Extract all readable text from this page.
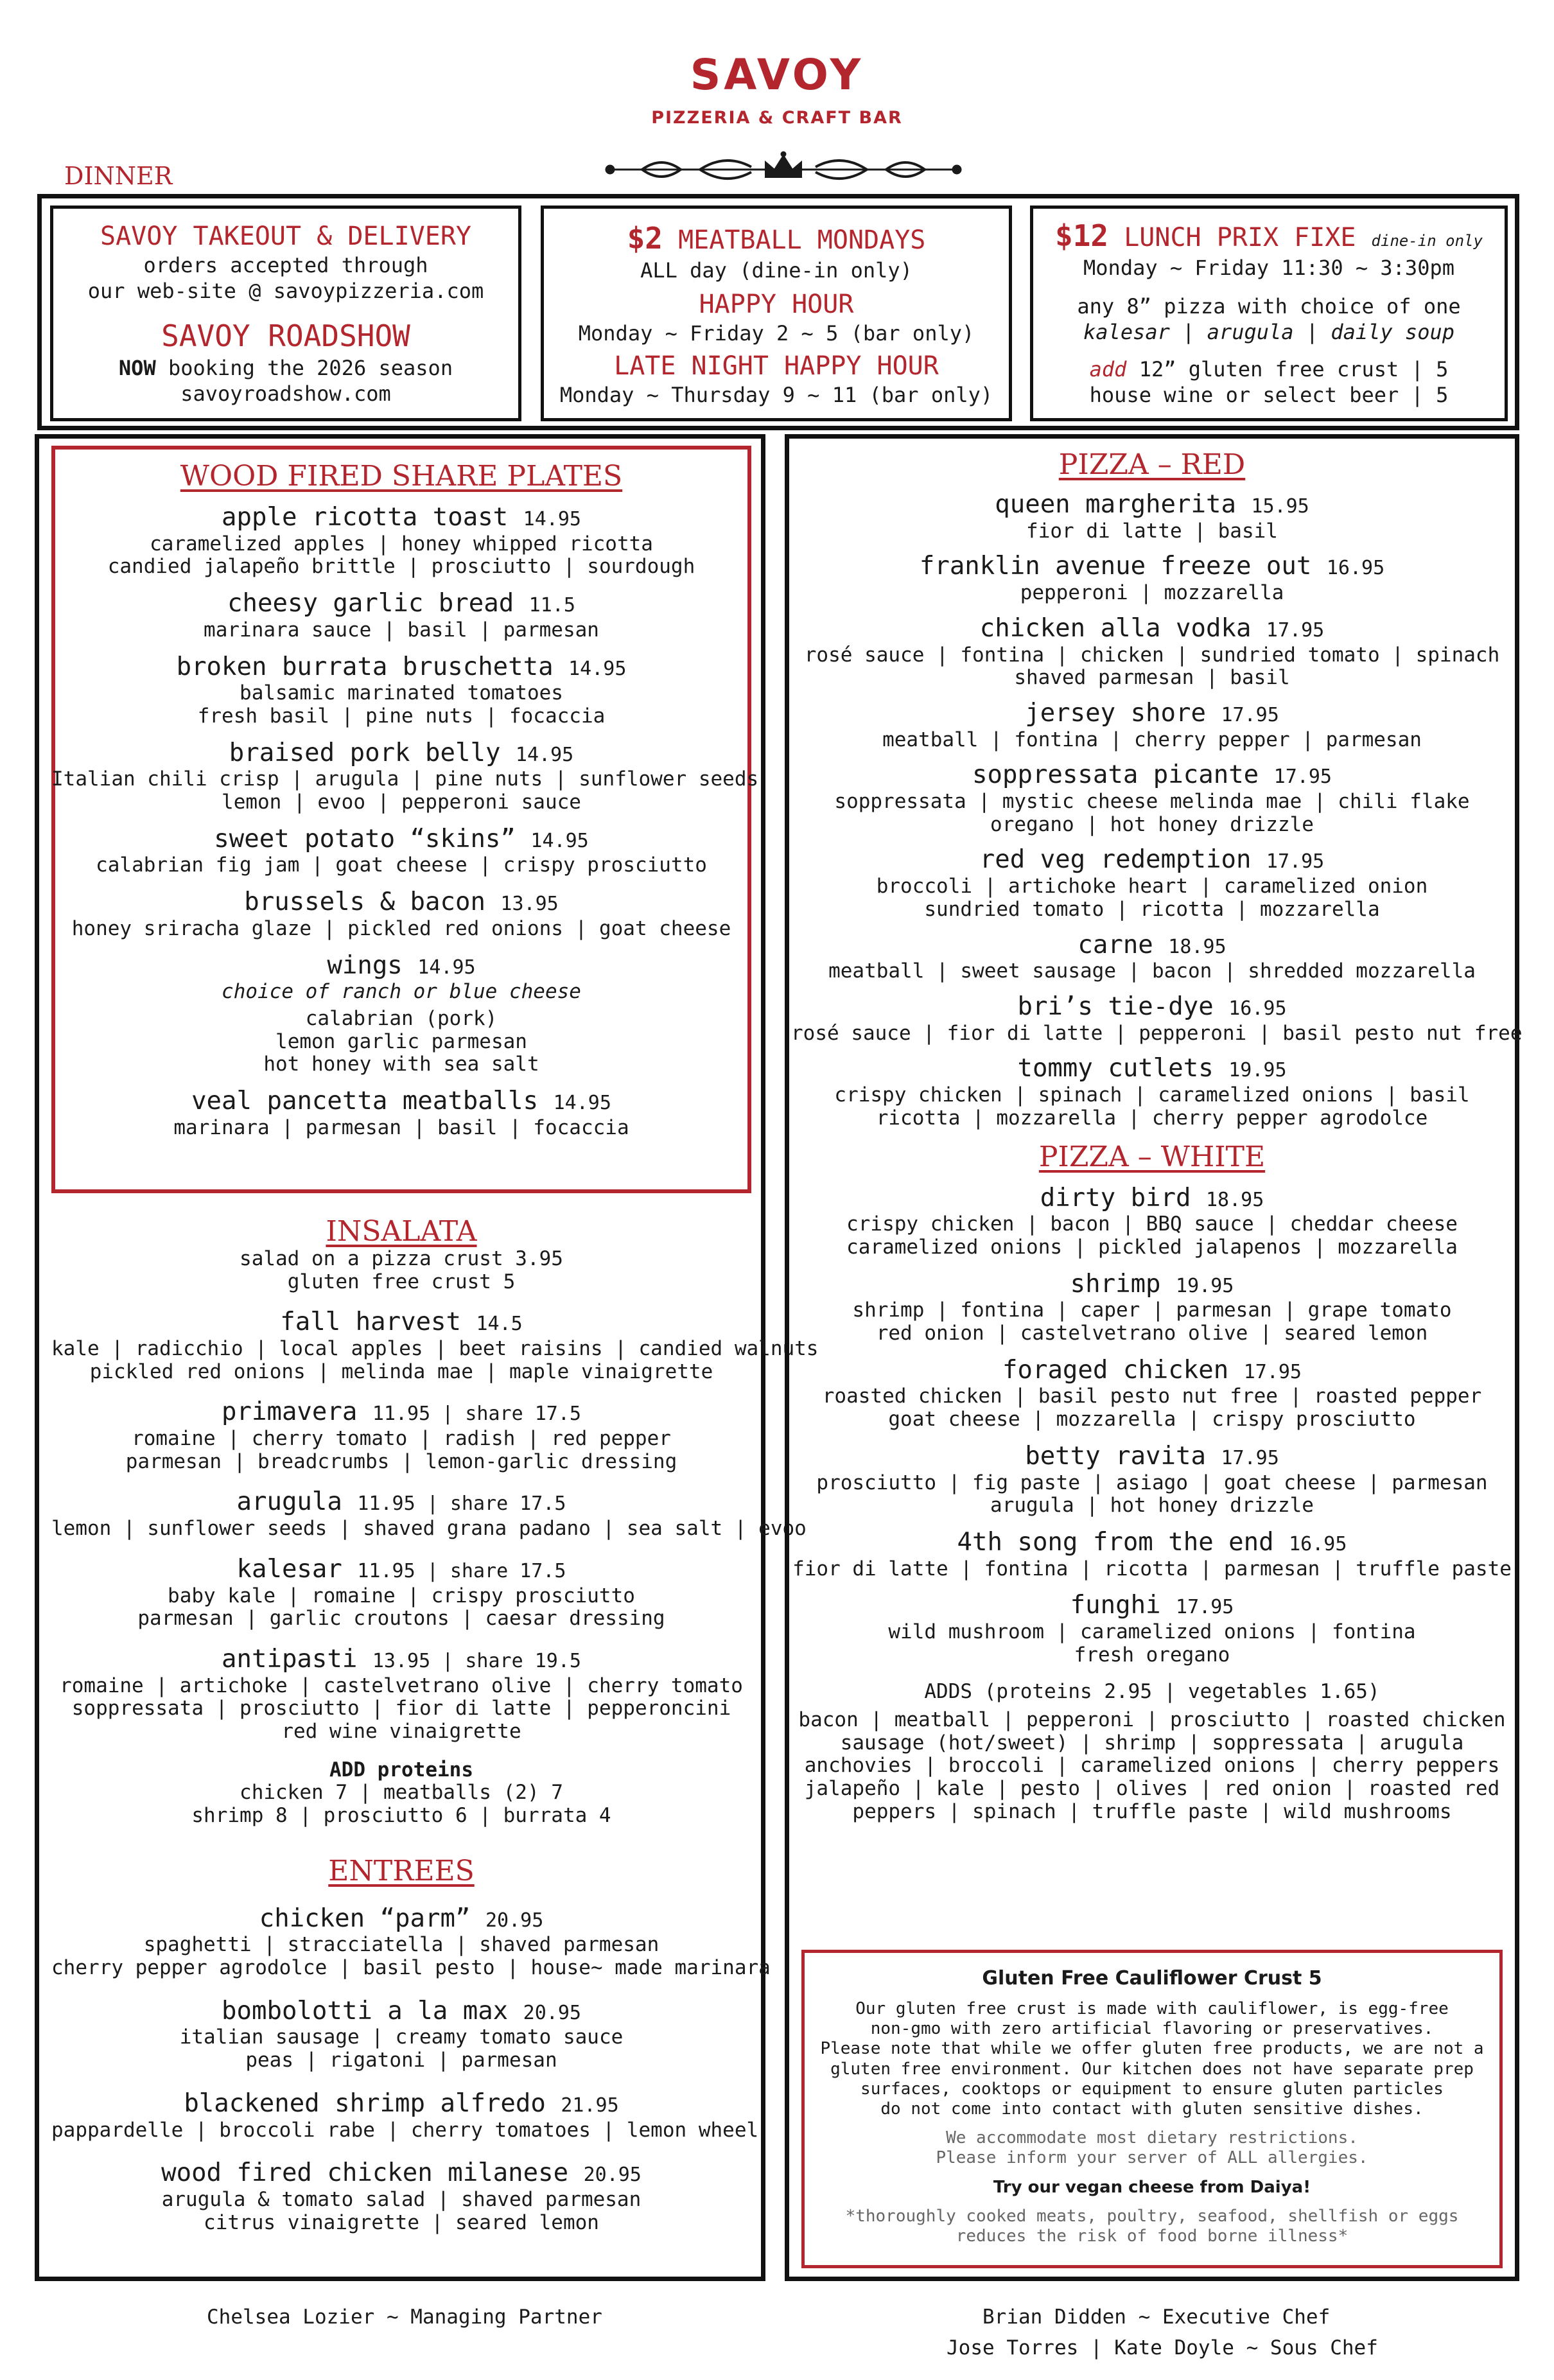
SAVOY
PIZZERIA & CRAFT BAR
DINNER
SAVOY TAKEOUT & DELIVERY
orders accepted through
our web-site @ savoypizzeria.com
SAVOY ROADSHOW
NOW booking the 2026 season
savoyroadshow.com
$2 MEATBALL MONDAYS
ALL day (dine-in only)
HAPPY HOUR
Monday ~ Friday 2 ~ 5 (bar only)
LATE NIGHT HAPPY HOUR
Monday ~ Thursday 9 ~ 11 (bar only)
$12 LUNCH PRIX FIXE dine-in only
Monday ~ Friday 11:30 ~ 3:30pm
any 8” pizza with choice of one
kalesar | arugula | daily soup
add 12” gluten free crust | 5
house wine or select beer | 5
WOOD FIRED SHARE PLATES
apple ricotta toast 14.95
caramelized apples | honey whipped ricotta
candied jalapeño brittle | prosciutto | sourdough
cheesy garlic bread 11.5
marinara sauce | basil | parmesan
broken burrata bruschetta 14.95
balsamic marinated tomatoes
fresh basil | pine nuts | focaccia
braised pork belly 14.95
Italian chili crisp | arugula | pine nuts | sunflower seeds
lemon | evoo | pepperoni sauce
sweet potato “skins” 14.95
calabrian fig jam | goat cheese | crispy prosciutto
brussels & bacon 13.95
honey sriracha glaze | pickled red onions | goat cheese
wings 14.95
choice of ranch or blue cheese
calabrian (pork)
lemon garlic parmesan
hot honey with sea salt
veal pancetta meatballs 14.95
marinara | parmesan | basil | focaccia
INSALATA
salad on a pizza crust 3.95
gluten free crust 5
fall harvest 14.5
kale | radicchio | local apples | beet raisins | candied walnuts
pickled red onions | melinda mae | maple vinaigrette
primavera 11.95 | share 17.5
romaine | cherry tomato | radish | red pepper
parmesan | breadcrumbs | lemon-garlic dressing
arugula 11.95 | share 17.5
lemon | sunflower seeds | shaved grana padano | sea salt | evoo
kalesar 11.95 | share 17.5
baby kale | romaine | crispy prosciutto
parmesan | garlic croutons | caesar dressing
antipasti 13.95 | share 19.5
romaine | artichoke | castelvetrano olive | cherry tomato
soppressata | prosciutto | fior di latte | pepperoncini
red wine vinaigrette
ADD proteins
chicken 7 | meatballs (2) 7
shrimp 8 | prosciutto 6 | burrata 4
ENTREES
chicken “parm” 20.95
spaghetti | stracciatella | shaved parmesan
cherry pepper agrodolce | basil pesto | house~ made marinara
bombolotti a la max 20.95
italian sausage | creamy tomato sauce
peas | rigatoni | parmesan
blackened shrimp alfredo 21.95
pappardelle | broccoli rabe | cherry tomatoes | lemon wheel
wood fired chicken milanese 20.95
arugula & tomato salad | shaved parmesan
citrus vinaigrette | seared lemon
PIZZA – RED
queen margherita 15.95
fior di latte | basil
franklin avenue freeze out 16.95
pepperoni | mozzarella
chicken alla vodka 17.95
rosé sauce | fontina | chicken | sundried tomato | spinach
shaved parmesan | basil
jersey shore 17.95
meatball | fontina | cherry pepper | parmesan
soppressata picante 17.95
soppressata | mystic cheese melinda mae | chili flake
oregano | hot honey drizzle
red veg redemption 17.95
broccoli | artichoke heart | caramelized onion
sundried tomato | ricotta | mozzarella
carne 18.95
meatball | sweet sausage | bacon | shredded mozzarella
bri’s tie-dye 16.95
rosé sauce | fior di latte | pepperoni | basil pesto nut free
tommy cutlets 19.95
crispy chicken | spinach | caramelized onions | basil
ricotta | mozzarella | cherry pepper agrodolce
PIZZA – WHITE
dirty bird 18.95
crispy chicken | bacon | BBQ sauce | cheddar cheese
caramelized onions | pickled jalapenos | mozzarella
shrimp 19.95
shrimp | fontina | caper | parmesan | grape tomato
red onion | castelvetrano olive | seared lemon
foraged chicken 17.95
roasted chicken | basil pesto nut free | roasted pepper
goat cheese | mozzarella | crispy prosciutto
betty ravita 17.95
prosciutto | fig paste | asiago | goat cheese | parmesan
arugula | hot honey drizzle
4th song from the end 16.95
fior di latte | fontina | ricotta | parmesan | truffle paste
funghi 17.95
wild mushroom | caramelized onions | fontina
fresh oregano
ADDS (proteins 2.95 | vegetables 1.65)
bacon | meatball | pepperoni | prosciutto | roasted chicken
sausage (hot/sweet) | shrimp | soppressata | arugula
anchovies | broccoli | caramelized onions | cherry peppers
jalapeño | kale | pesto | olives | red onion | roasted red
peppers | spinach | truffle paste | wild mushrooms
Gluten Free Cauliflower Crust 5
Our gluten free crust is made with cauliflower, is egg-free
non-gmo with zero artificial flavoring or preservatives.
Please note that while we offer gluten free products, we are not a
gluten free environment. Our kitchen does not have separate prep
surfaces, cooktops or equipment to ensure gluten particles
do not come into contact with gluten sensitive dishes.
We accommodate most dietary restrictions.
Please inform your server of ALL allergies.
Try our vegan cheese from Daiya!
*thoroughly cooked meats, poultry, seafood, shellfish or eggs
reduces the risk of food borne illness*
Chelsea Lozier ~ Managing Partner	Brian Didden ~ Executive Chef
Jose Torres | Kate Doyle ~ Sous Chef
